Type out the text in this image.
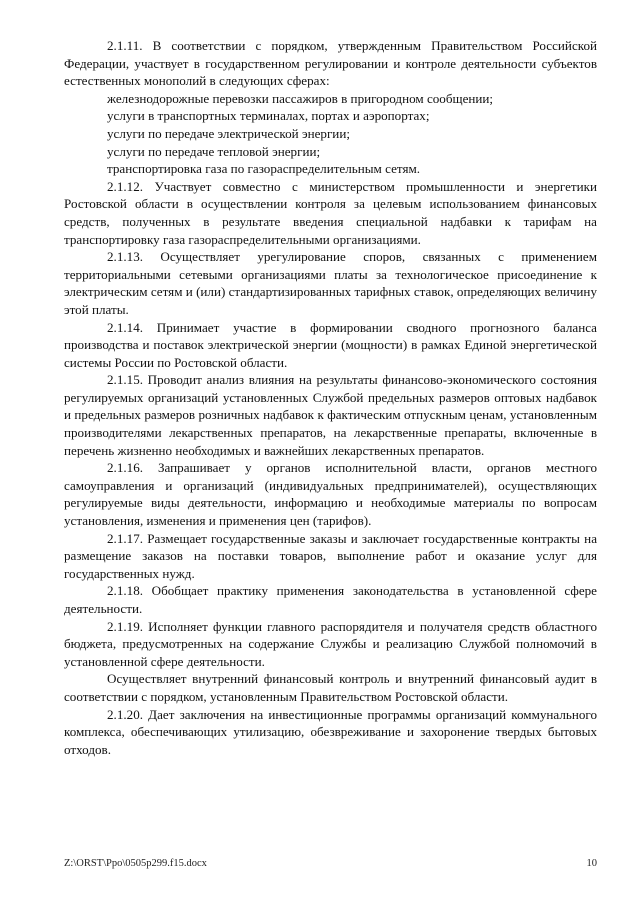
2.1.11. В соответствии с порядком, утвержденным Правительством Российской Федерации, участвует в государственном регулировании и контроле деятельности субъектов естественных монополий в следующих сферах:

железнодорожные перевозки пассажиров в пригородном сообщении;

услуги в транспортных терминалах, портах и аэропортах;

услуги по передаче электрической энергии;

услуги по передаче тепловой энергии;

транспортировка газа по газораспределительным сетям.

2.1.12. Участвует совместно с министерством промышленности и энергетики Ростовской области в осуществлении контроля за целевым использованием финансовых средств, полученных в результате введения специальной надбавки к тарифам на транспортировку газа газораспределительными организациями.

2.1.13. Осуществляет урегулирование споров, связанных с применением территориальными сетевыми организациями платы за технологическое присоединение к электрическим сетям и (или) стандартизированных тарифных ставок, определяющих величину этой платы.

2.1.14. Принимает участие в формировании сводного прогнозного баланса производства и поставок электрической энергии (мощности) в рамках Единой энергетической системы России по Ростовской области.

2.1.15. Проводит анализ влияния на результаты финансово-экономического состояния регулируемых организаций установленных Службой предельных размеров оптовых надбавок и предельных размеров розничных надбавок к фактическим отпускным ценам, установленным производителями лекарственных препаратов, на лекарственные препараты, включенные в перечень жизненно необходимых и важнейших лекарственных препаратов.

2.1.16. Запрашивает у органов исполнительной власти, органов местного самоуправления и организаций (индивидуальных предпринимателей), осуществляющих регулируемые виды деятельности, информацию и необходимые материалы по вопросам установления, изменения и применения цен (тарифов).

2.1.17. Размещает государственные заказы и заключает государственные контракты на размещение заказов на поставки товаров, выполнение работ и оказание услуг для государственных нужд.

2.1.18. Обобщает практику применения законодательства в установленной сфере деятельности.

2.1.19. Исполняет функции главного распорядителя и получателя средств областного бюджета, предусмотренных на содержание Службы и реализацию Службой полномочий в установленной сфере деятельности.

Осуществляет внутренний финансовый контроль и внутренний финансовый аудит в соответствии с порядком, установленным Правительством Ростовской области.

2.1.20. Дает заключения на инвестиционные программы организаций коммунального комплекса, обеспечивающих утилизацию, обезвреживание и захоронение твердых бытовых отходов.

Z:\ORST\Ppo\0505p299.f15.docx	10
